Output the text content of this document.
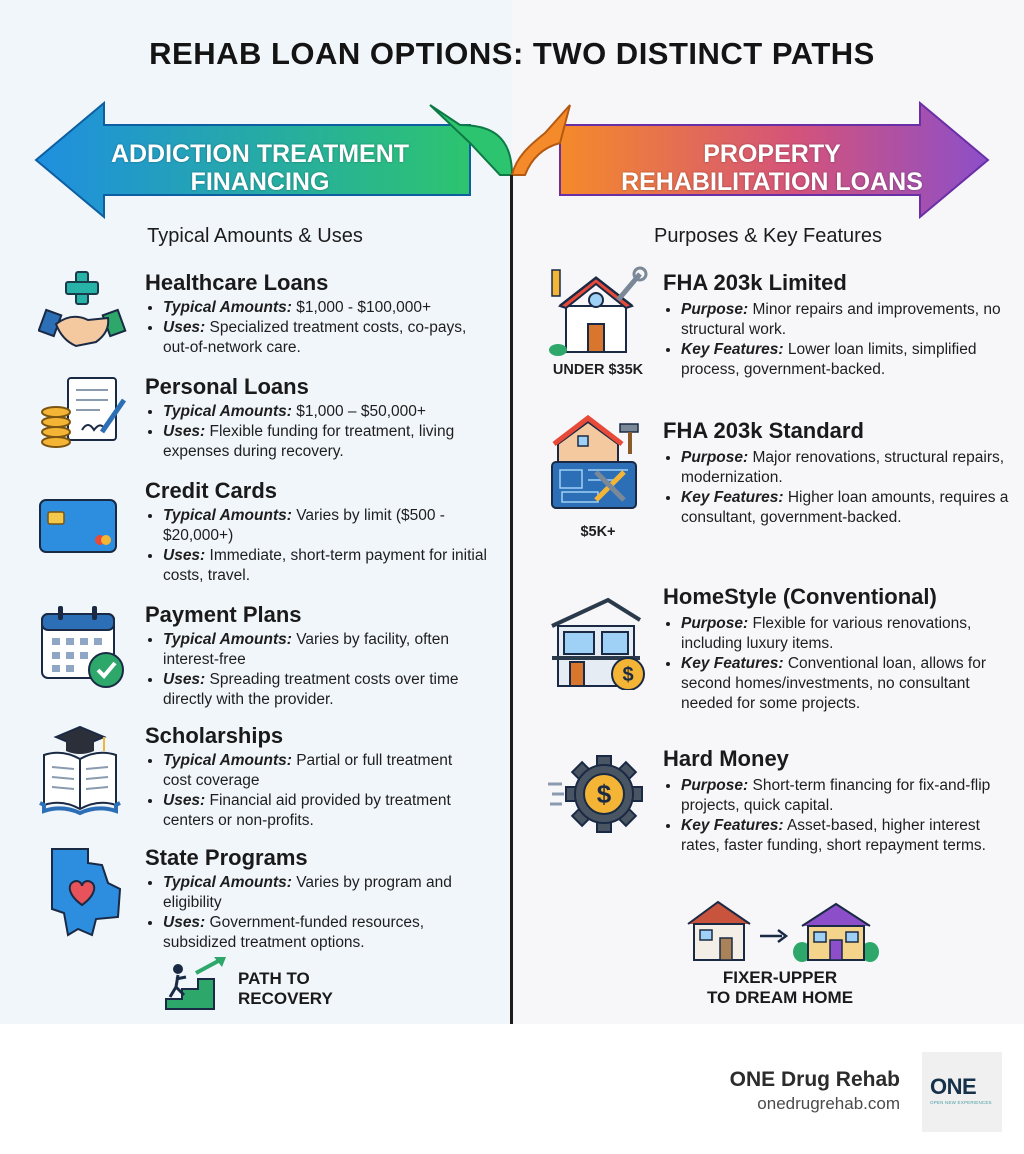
REHAB LOAN OPTIONS: TWO DISTINCT PATHS
ADDICTION TREATMENT
FINANCING
PROPERTY
REHABILITATION LOANS
Typical Amounts & Uses	Purposes & Key Features
Healthcare Loans
• Typical Amounts: $1,000 - $100,000+
• Uses: Specialized treatment costs, co-pays, out-of-network care.
Personal Loans
• Typical Amounts: $1,000 – $50,000+
• Uses: Flexible funding for treatment, living expenses during recovery.
Credit Cards
• Typical Amounts: Varies by limit ($500 - $20,000+)
• Uses: Immediate, short-term payment for initial costs, travel.
Payment Plans
• Typical Amounts: Varies by facility, often interest-free
• Uses: Spreading treatment costs over time directly with the provider.
Scholarships
• Typical Amounts: Partial or full treatment cost coverage
• Uses: Financial aid provided by treatment centers or non-profits.
State Programs
• Typical Amounts: Varies by program and eligibility
• Uses: Government-funded resources, subsidized treatment options.
PATH TO
RECOVERY
UNDER $35K
FHA 203k Limited
• Purpose: Minor repairs and improvements, no structural work.
• Key Features: Lower loan limits, simplified process, government-backed.
$5K+
FHA 203k Standard
• Purpose: Major renovations, structural repairs, modernization.
• Key Features: Higher loan amounts, requires a consultant, government-backed.
$
HomeStyle (Conventional)
• Purpose: Flexible for various renovations, including luxury items.
• Key Features: Conventional loan, allows for second homes/investments, no consultant needed for some projects.
$
Hard Money
• Purpose: Short-term financing for fix-and-flip projects, quick capital.
• Key Features: Asset-based, higher interest rates, faster funding, short repayment terms.
FIXER-UPPER
TO DREAM HOME
ONE Drug Rehab
onedrugrehab.com
ONE
OPEN NEW EXPERIENCES
